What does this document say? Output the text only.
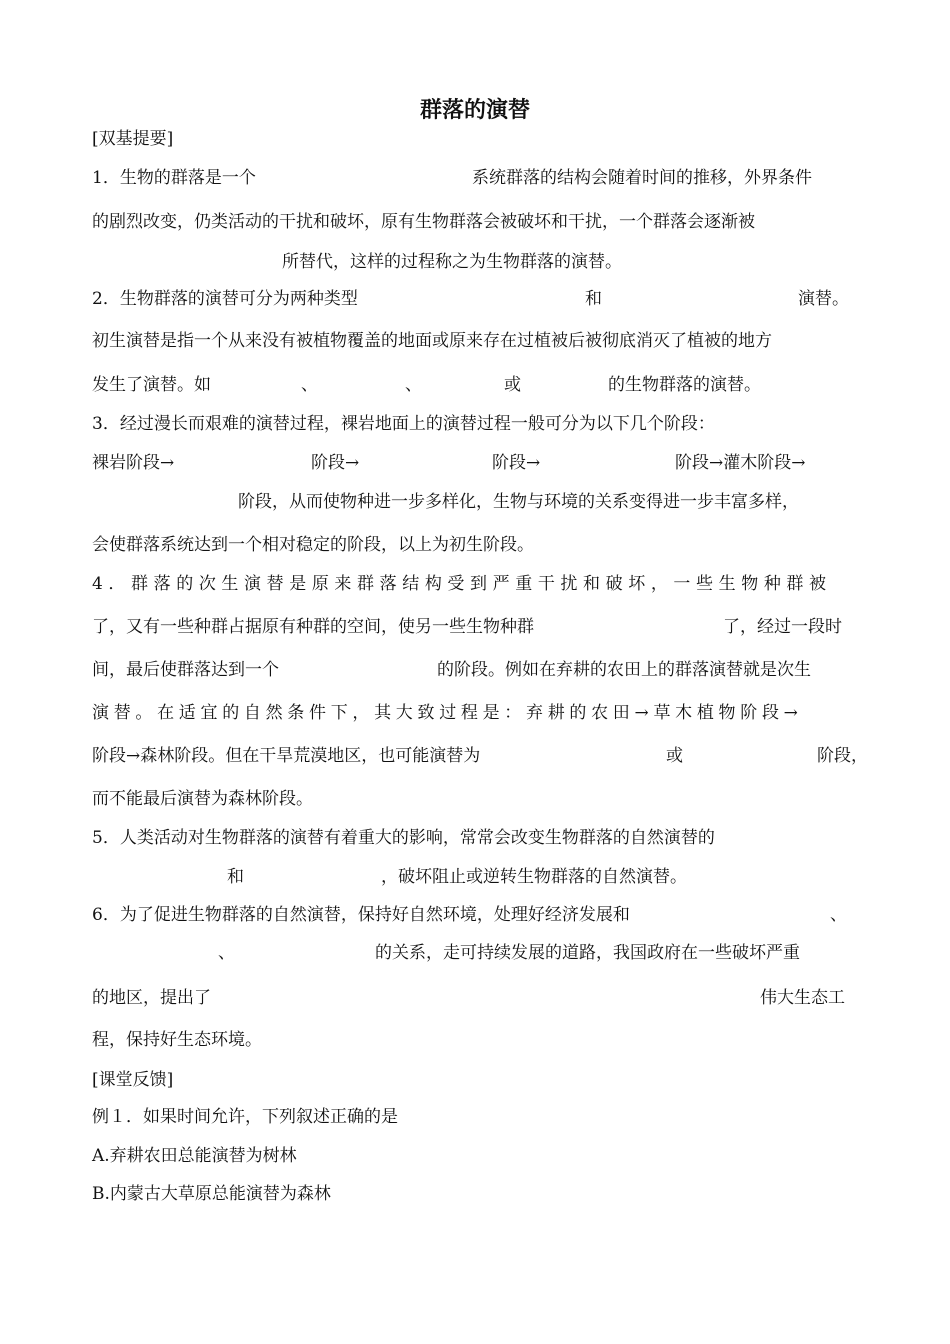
群落的演替
[双基提要]
1．生物的群落是一个	系统群落的结构会随着时间的推移，外界条件
的剧烈改变，仍类活动的干扰和破坏，原有生物群落会被破坏和干扰，一个群落会逐渐被
所替代，这样的过程称之为生物群落的演替。
2．生物群落的演替可分为两种类型	和	演替。
初生演替是指一个从来没有被植物覆盖的地面或原来存在过植被后被彻底消灭了植被的地方
发生了演替。如	、	、	或	的生物群落的演替。
3．经过漫长而艰难的演替过程，裸岩地面上的演替过程一般可分为以下几个阶段：
裸岩阶段→	阶段→	阶段→	阶段→灌木阶段→
阶段，从而使物种进一步多样化，生物与环境的关系变得进一步丰富多样，
会使群落系统达到一个相对稳定的阶段，以上为初生阶段。
4．群落的次生演替是原来群落结构受到严重干扰和破坏，一些生物种群被
了，又有一些种群占据原有种群的空间，使另一些生物种群	了，经过一段时
间，最后使群落达到一个	的阶段。例如在弃耕的农田上的群落演替就是次生
演替。在适宜的自然条件下，其大致过程是：弃耕的农田→草木植物阶段→
阶段→森林阶段。但在干旱荒漠地区，也可能演替为	或	阶段，
而不能最后演替为森林阶段。
5．人类活动对生物群落的演替有着重大的影响，常常会改变生物群落的自然演替的
和	，破坏阻止或逆转生物群落的自然演替。
6．为了促进生物群落的自然演替，保持好自然环境，处理好经济发展和	、
、	的关系，走可持续发展的道路，我国政府在一些破坏严重
的地区，提出了	伟大生态工
程，保持好生态环境。
[课堂反馈]
例１．如果时间允许，下列叙述正确的是
A.弃耕农田总能演替为树林
B.内蒙古大草原总能演替为森林
